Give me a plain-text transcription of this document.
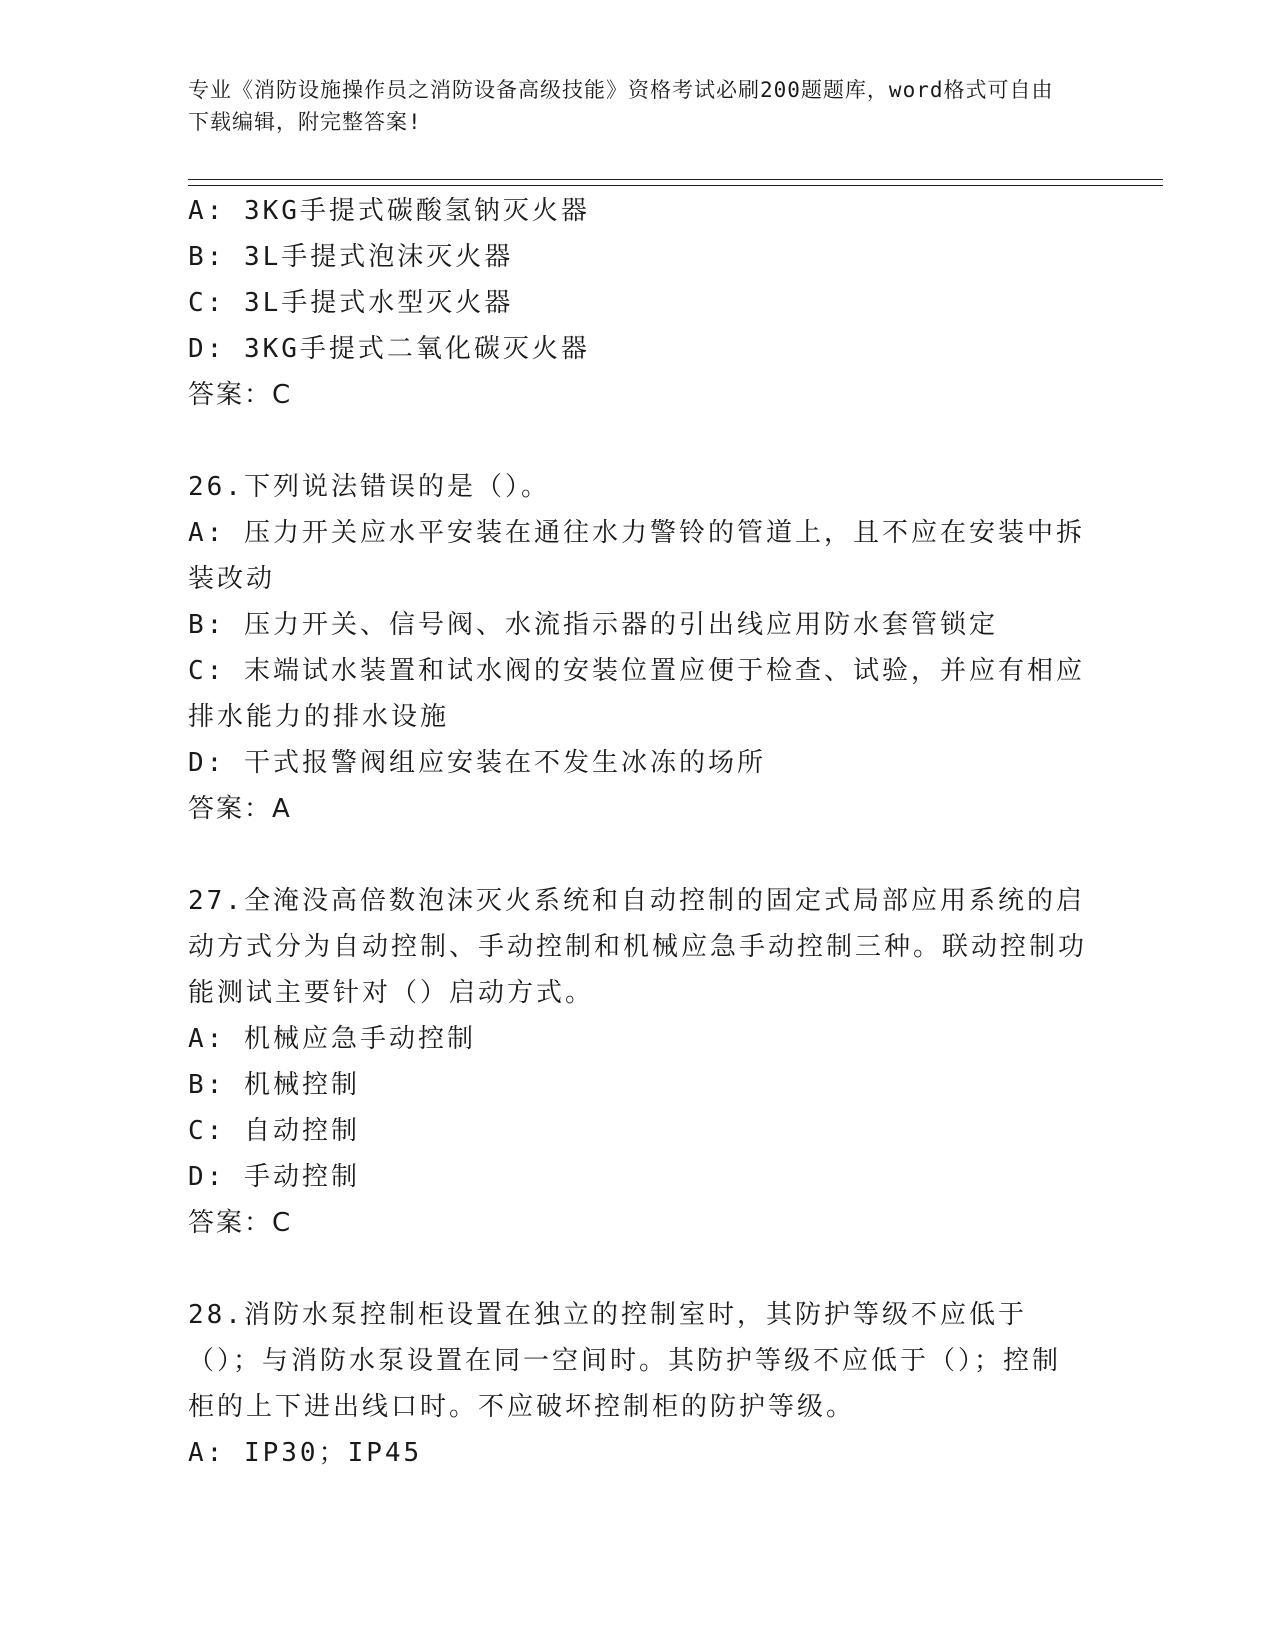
专业《消防设施操作员之消防设备高级技能》资格考试必刷200题题库，word格式可自由下载编辑，附完整答案!
A: 3KG手提式碳酸氢钠灭火器
B: 3L手提式泡沫灭火器
C: 3L手提式水型灭火器
D: 3KG手提式二氧化碳灭火器
答案：C
26.下列说法错误的是（）。
A: 压力开关应水平安装在通往水力警铃的管道上，且不应在安装中拆装改动
B: 压力开关、信号阀、水流指示器的引出线应用防水套管锁定
C: 末端试水装置和试水阀的安装位置应便于检查、试验，并应有相应排水能力的排水设施
D: 干式报警阀组应安装在不发生冰冻的场所
答案：A
27.全淹没高倍数泡沫灭火系统和自动控制的固定式局部应用系统的启动方式分为自动控制、手动控制和机械应急手动控制三种。联动控制功能测试主要针对（）启动方式。
A: 机械应急手动控制
B: 机械控制
C: 自动控制
D: 手动控制
答案：C
28.消防水泵控制柜设置在独立的控制室时，其防护等级不应低于（）；与消防水泵设置在同一空间时。其防护等级不应低于（）；控制柜的上下进出线口时。不应破坏控制柜的防护等级。
A: IP30；IP45
